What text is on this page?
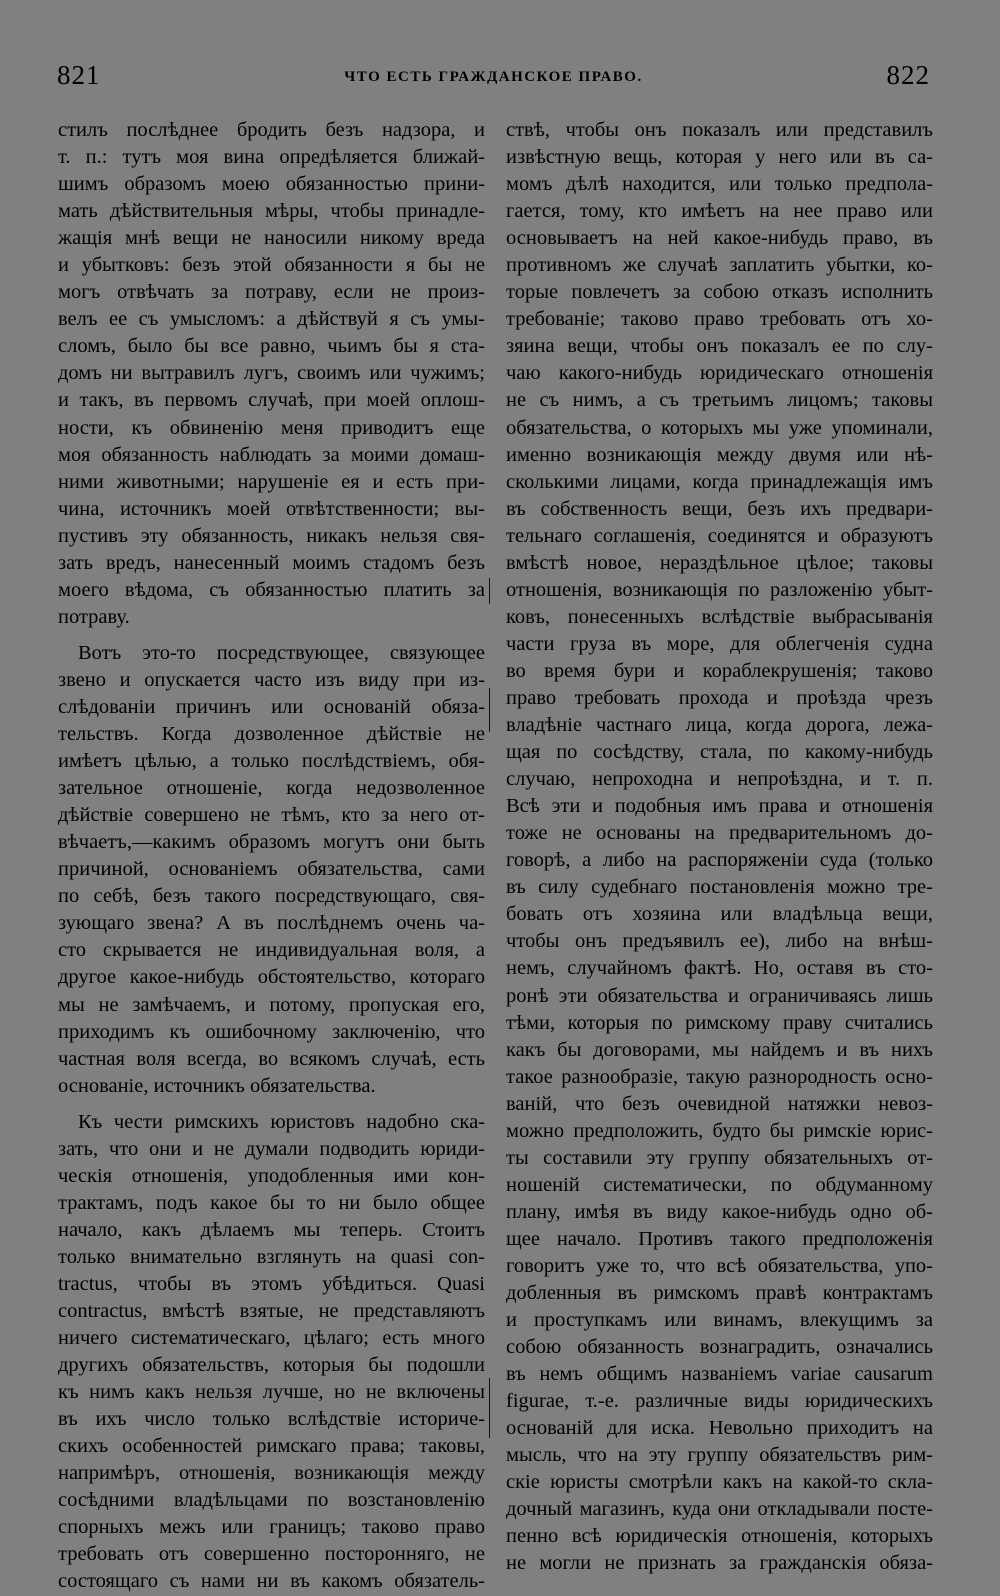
821	ЧТО ЕСТЬ ГРАЖДАНСКОЕ ПРАВО.	822

стилъ послѣднее бродить безъ надзора, и

т. п.: тутъ моя вина опредѣляется ближай-

шимъ образомъ моею обязанностью прини-

мать дѣйствительныя мѣры, чтобы принадле-

жащія мнѣ вещи не наносили никому вреда

и убытковъ: безъ этой обязанности я бы не

могъ отвѣчать за потраву, если не произ-

велъ ее съ умысломъ: а дѣйствуй я съ умы-

сломъ, было бы все равно, чьимъ бы я ста-

домъ ни вытравилъ лугъ, своимъ или чужимъ;

и такъ, въ первомъ случаѣ, при моей оплош-

ности, къ обвиненію меня приводитъ еще

моя обязанность наблюдать за моими домаш-

ними животными; нарушеніе ея и есть при-

чина, источникъ моей отвѣтственности; вы-

пустивъ эту обязанность, никакъ нельзя свя-

зать вредъ, нанесенный моимъ стадомъ безъ

моего вѣдома, съ обязанностью платить за

потраву.

Вотъ это-то посредствующее, связующее

звено и опускается часто изъ виду при из-

слѣдованіи причинъ или основаній обяза-

тельствъ. Когда дозволенное дѣйствіе не

имѣетъ цѣлью, а только послѣдствіемъ, обя-

зательное отношеніе, когда недозволенное

дѣйствіе совершено не тѣмъ, кто за него от-

вѣчаетъ,—какимъ образомъ могутъ они быть

причиной, основаніемъ обязательства, сами

по себѣ, безъ такого посредствующаго, свя-

зующаго звена? А въ послѣднемъ очень ча-

сто скрывается не индивидуальная воля, а

другое какое-нибудь обстоятельство, котораго

мы не замѣчаемъ, и потому, пропуская его,

приходимъ къ ошибочному заключенію, что

частная воля всегда, во всякомъ случаѣ, есть

основаніе, источникъ обязательства.

Къ чести римскихъ юристовъ надобно ска-

зать, что они и не думали подводить юриди-

ческія отношенія, уподобленныя ими кон-

трактамъ, подъ какое бы то ни было общее

начало, какъ дѣлаемъ мы теперь. Стоитъ

только внимательно взглянуть на quasi con-

tractus, чтобы въ этомъ убѣдиться. Quasi

contractus, вмѣстѣ взятые, не представляютъ

ничего систематическаго, цѣлаго; есть много

другихъ обязательствъ, которыя бы подошли

къ нимъ какъ нельзя лучше, но не включены

въ ихъ число только вслѣдствіе историче-

скихъ особенностей римскаго права; таковы,

напримѣръ, отношенія, возникающія между

сосѣдними владѣльцами по возстановленію

спорныхъ межъ или границъ; таково право

требовать отъ совершенно посторонняго, не

состоящаго съ нами ни въ какомъ обязатель-

ствѣ, чтобы онъ показалъ или представилъ

извѣстную вещь, которая у него или въ са-

момъ дѣлѣ находится, или только предпола-

гается, тому, кто имѣетъ на нее право или

основываетъ на ней какое-нибудь право, въ

противномъ же случаѣ заплатить убытки, ко-

торые повлечетъ за собою отказъ исполнить

требованіе; таково право требовать отъ хо-

зяина вещи, чтобы онъ показалъ ее по слу-

чаю какого-нибудь юридическаго отношенія

не съ нимъ, а съ третьимъ лицомъ; таковы

обязательства, о которыхъ мы уже упоминали,

именно возникающія между двумя или нѣ-

сколькими лицами, когда принадлежащія имъ

въ собственность вещи, безъ ихъ предвари-

тельнаго соглашенія, соединятся и образуютъ

вмѣстѣ новое, нераздѣльное цѣлое; таковы

отношенія, возникающія по разложенію убыт-

ковъ, понесенныхъ вслѣдствіе выбрасыванія

части груза въ море, для облегченія судна

во время бури и кораблекрушенія; таково

право требовать прохода и проѣзда чрезъ

владѣніе частнаго лица, когда дорога, лежа-

щая по сосѣдству, стала, по какому-нибудь

случаю, непроходна и непроѣздна, и т. п.

Всѣ эти и подобныя имъ права и отношенія

тоже не основаны на предварительномъ до-

говорѣ, а либо на распоряженіи суда (только

въ силу судебнаго постановленія можно тре-

бовать отъ хозяина или владѣльца вещи,

чтобы онъ предъявилъ ее), либо на внѣш-

немъ, случайномъ фактѣ. Но, оставя въ сто-

ронѣ эти обязательства и ограничиваясь лишь

тѣми, которыя по римскому праву считались

какъ бы договорами, мы найдемъ и въ нихъ

такое разнообразіе, такую разнородность осно-

ваній, что безъ очевидной натяжки невоз-

можно предположить, будто бы римскіе юрис-

ты составили эту группу обязательныхъ от-

ношеній систематически, по обдуманному

плану, имѣя въ виду какое-нибудь одно об-

щее начало. Противъ такого предположенія

говоритъ уже то, что всѣ обязательства, упо-

добленныя въ римскомъ правѣ контрактамъ

и проступкамъ или винамъ, влекущимъ за

собою обязанность вознаградить, означались

въ немъ общимъ названіемъ variae causarum

figurae, т.-е. различные виды юридическихъ

основаній для иска. Невольно приходитъ на

мысль, что на эту группу обязательствъ рим-

скіе юристы смотрѣли какъ на какой-то скла-

дочный магазинъ, куда они откладывали посте-

пенно всѣ юридическія отношенія, которыхъ

не могли не признать за гражданскія обяза-
